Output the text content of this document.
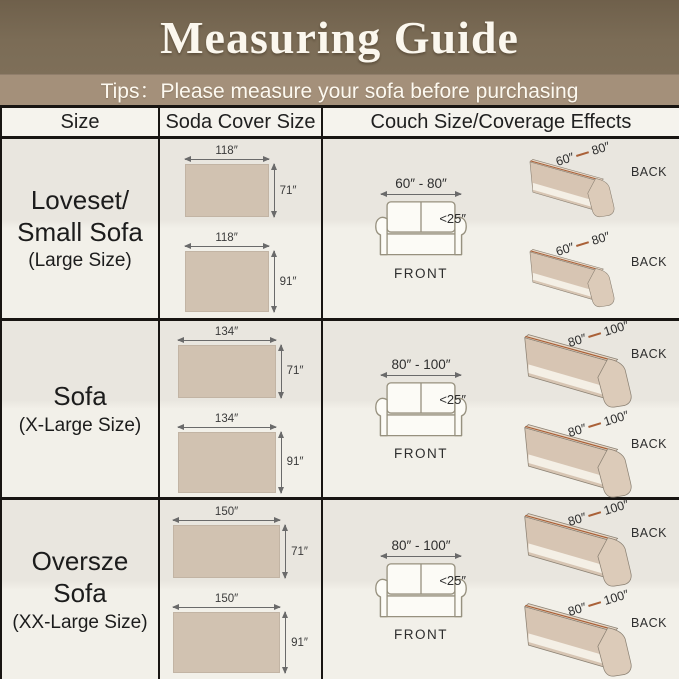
Measuring Guide
Tips：Please measure your sofa before purchasing
Size	Soda Cover Size	Couch Size/Coverage Effects
Loveset/
Small Sofa
(Large Size)
118″
71″
118″
91″
60″ - 80″
<25″
FRONT
60″
80″
BACK
60″
80″
BACK
Sofa
(X-Large Size)
134″
71″
134″
91″
80″ - 100″
<25″
FRONT
80″
100″
BACK
80″
100″
BACK
Oversze Sofa
(XX-Large Size)
150″
71″
150″
91″
80″ - 100″
<25″
FRONT
80″
100″
BACK
80″
100″
BACK
